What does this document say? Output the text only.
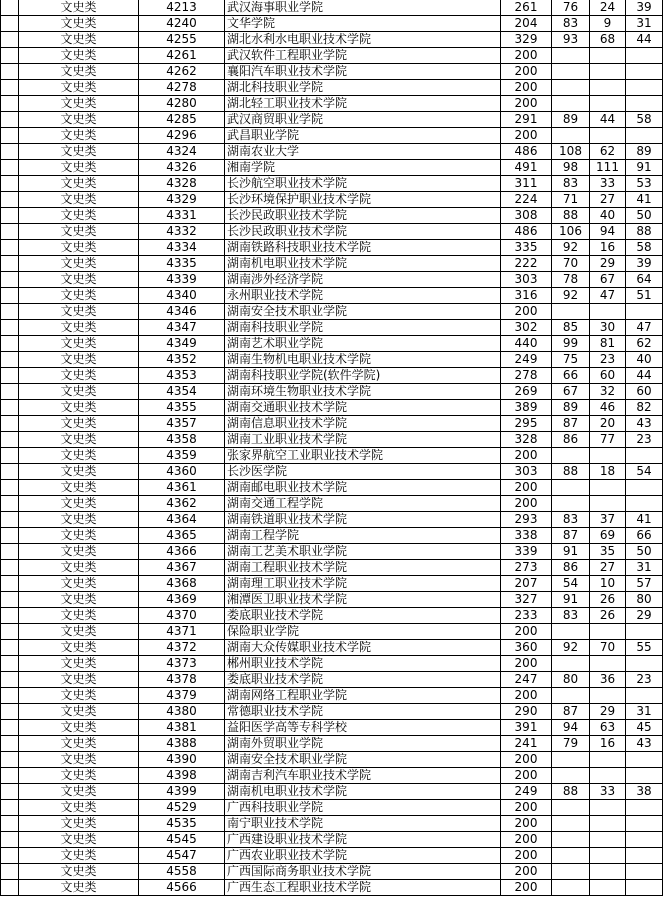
	文史类	4213	武汉海事职业学院	261	76	24	39
	文史类	4240	文华学院	204	83	9	31
	文史类	4255	湖北水利水电职业技术学院	329	93	68	44
	文史类	4261	武汉软件工程职业学院	200			
	文史类	4262	襄阳汽车职业技术学院	200			
	文史类	4278	湖北科技职业学院	200			
	文史类	4280	湖北轻工职业技术学院	200			
	文史类	4285	武汉商贸职业学院	291	89	44	58
	文史类	4296	武昌职业学院	200			
	文史类	4324	湖南农业大学	486	108	62	89
	文史类	4326	湘南学院	491	98	111	91
	文史类	4328	长沙航空职业技术学院	311	83	33	53
	文史类	4329	长沙环境保护职业技术学院	224	71	27	41
	文史类	4331	长沙民政职业技术学院	308	88	40	50
	文史类	4332	长沙民政职业技术学院	486	106	94	88
	文史类	4334	湖南铁路科技职业技术学院	335	92	16	58
	文史类	4335	湖南机电职业技术学院	222	70	29	39
	文史类	4339	湖南涉外经济学院	303	78	67	64
	文史类	4340	永州职业技术学院	316	92	47	51
	文史类	4346	湖南安全技术职业学院	200			
	文史类	4347	湖南科技职业学院	302	85	30	47
	文史类	4349	湖南艺术职业学院	440	99	81	62
	文史类	4352	湖南生物机电职业技术学院	249	75	23	40
	文史类	4353	湖南科技职业学院(软件学院)	278	66	60	44
	文史类	4354	湖南环境生物职业技术学院	269	67	32	60
	文史类	4355	湖南交通职业技术学院	389	89	46	82
	文史类	4357	湖南信息职业技术学院	295	87	20	43
	文史类	4358	湖南工业职业技术学院	328	86	77	23
	文史类	4359	张家界航空工业职业技术学院	200			
	文史类	4360	长沙医学院	303	88	18	54
	文史类	4361	湖南邮电职业技术学院	200			
	文史类	4362	湖南交通工程学院	200			
	文史类	4364	湖南铁道职业技术学院	293	83	37	41
	文史类	4365	湖南工程学院	338	87	69	66
	文史类	4366	湖南工艺美术职业学院	339	91	35	50
	文史类	4367	湖南工程职业技术学院	273	86	27	31
	文史类	4368	湖南理工职业技术学院	207	54	10	57
	文史类	4369	湘潭医卫职业技术学院	327	91	26	80
	文史类	4370	娄底职业技术学院	233	83	26	29
	文史类	4371	保险职业学院	200			
	文史类	4372	湖南大众传媒职业技术学院	360	92	70	55
	文史类	4373	郴州职业技术学院	200			
	文史类	4378	娄底职业技术学院	247	80	36	23
	文史类	4379	湖南网络工程职业学院	200			
	文史类	4380	常德职业技术学院	290	87	29	31
	文史类	4381	益阳医学高等专科学校	391	94	63	45
	文史类	4388	湖南外贸职业学院	241	79	16	43
	文史类	4390	湖南安全技术职业学院	200			
	文史类	4398	湖南吉利汽车职业技术学院	200			
	文史类	4399	湖南机电职业技术学院	249	88	33	38
	文史类	4529	广西科技职业学院	200			
	文史类	4535	南宁职业技术学院	200			
	文史类	4545	广西建设职业技术学院	200			
	文史类	4547	广西农业职业技术学院	200			
	文史类	4558	广西国际商务职业技术学院	200			
	文史类	4566	广西生态工程职业技术学院	200			
